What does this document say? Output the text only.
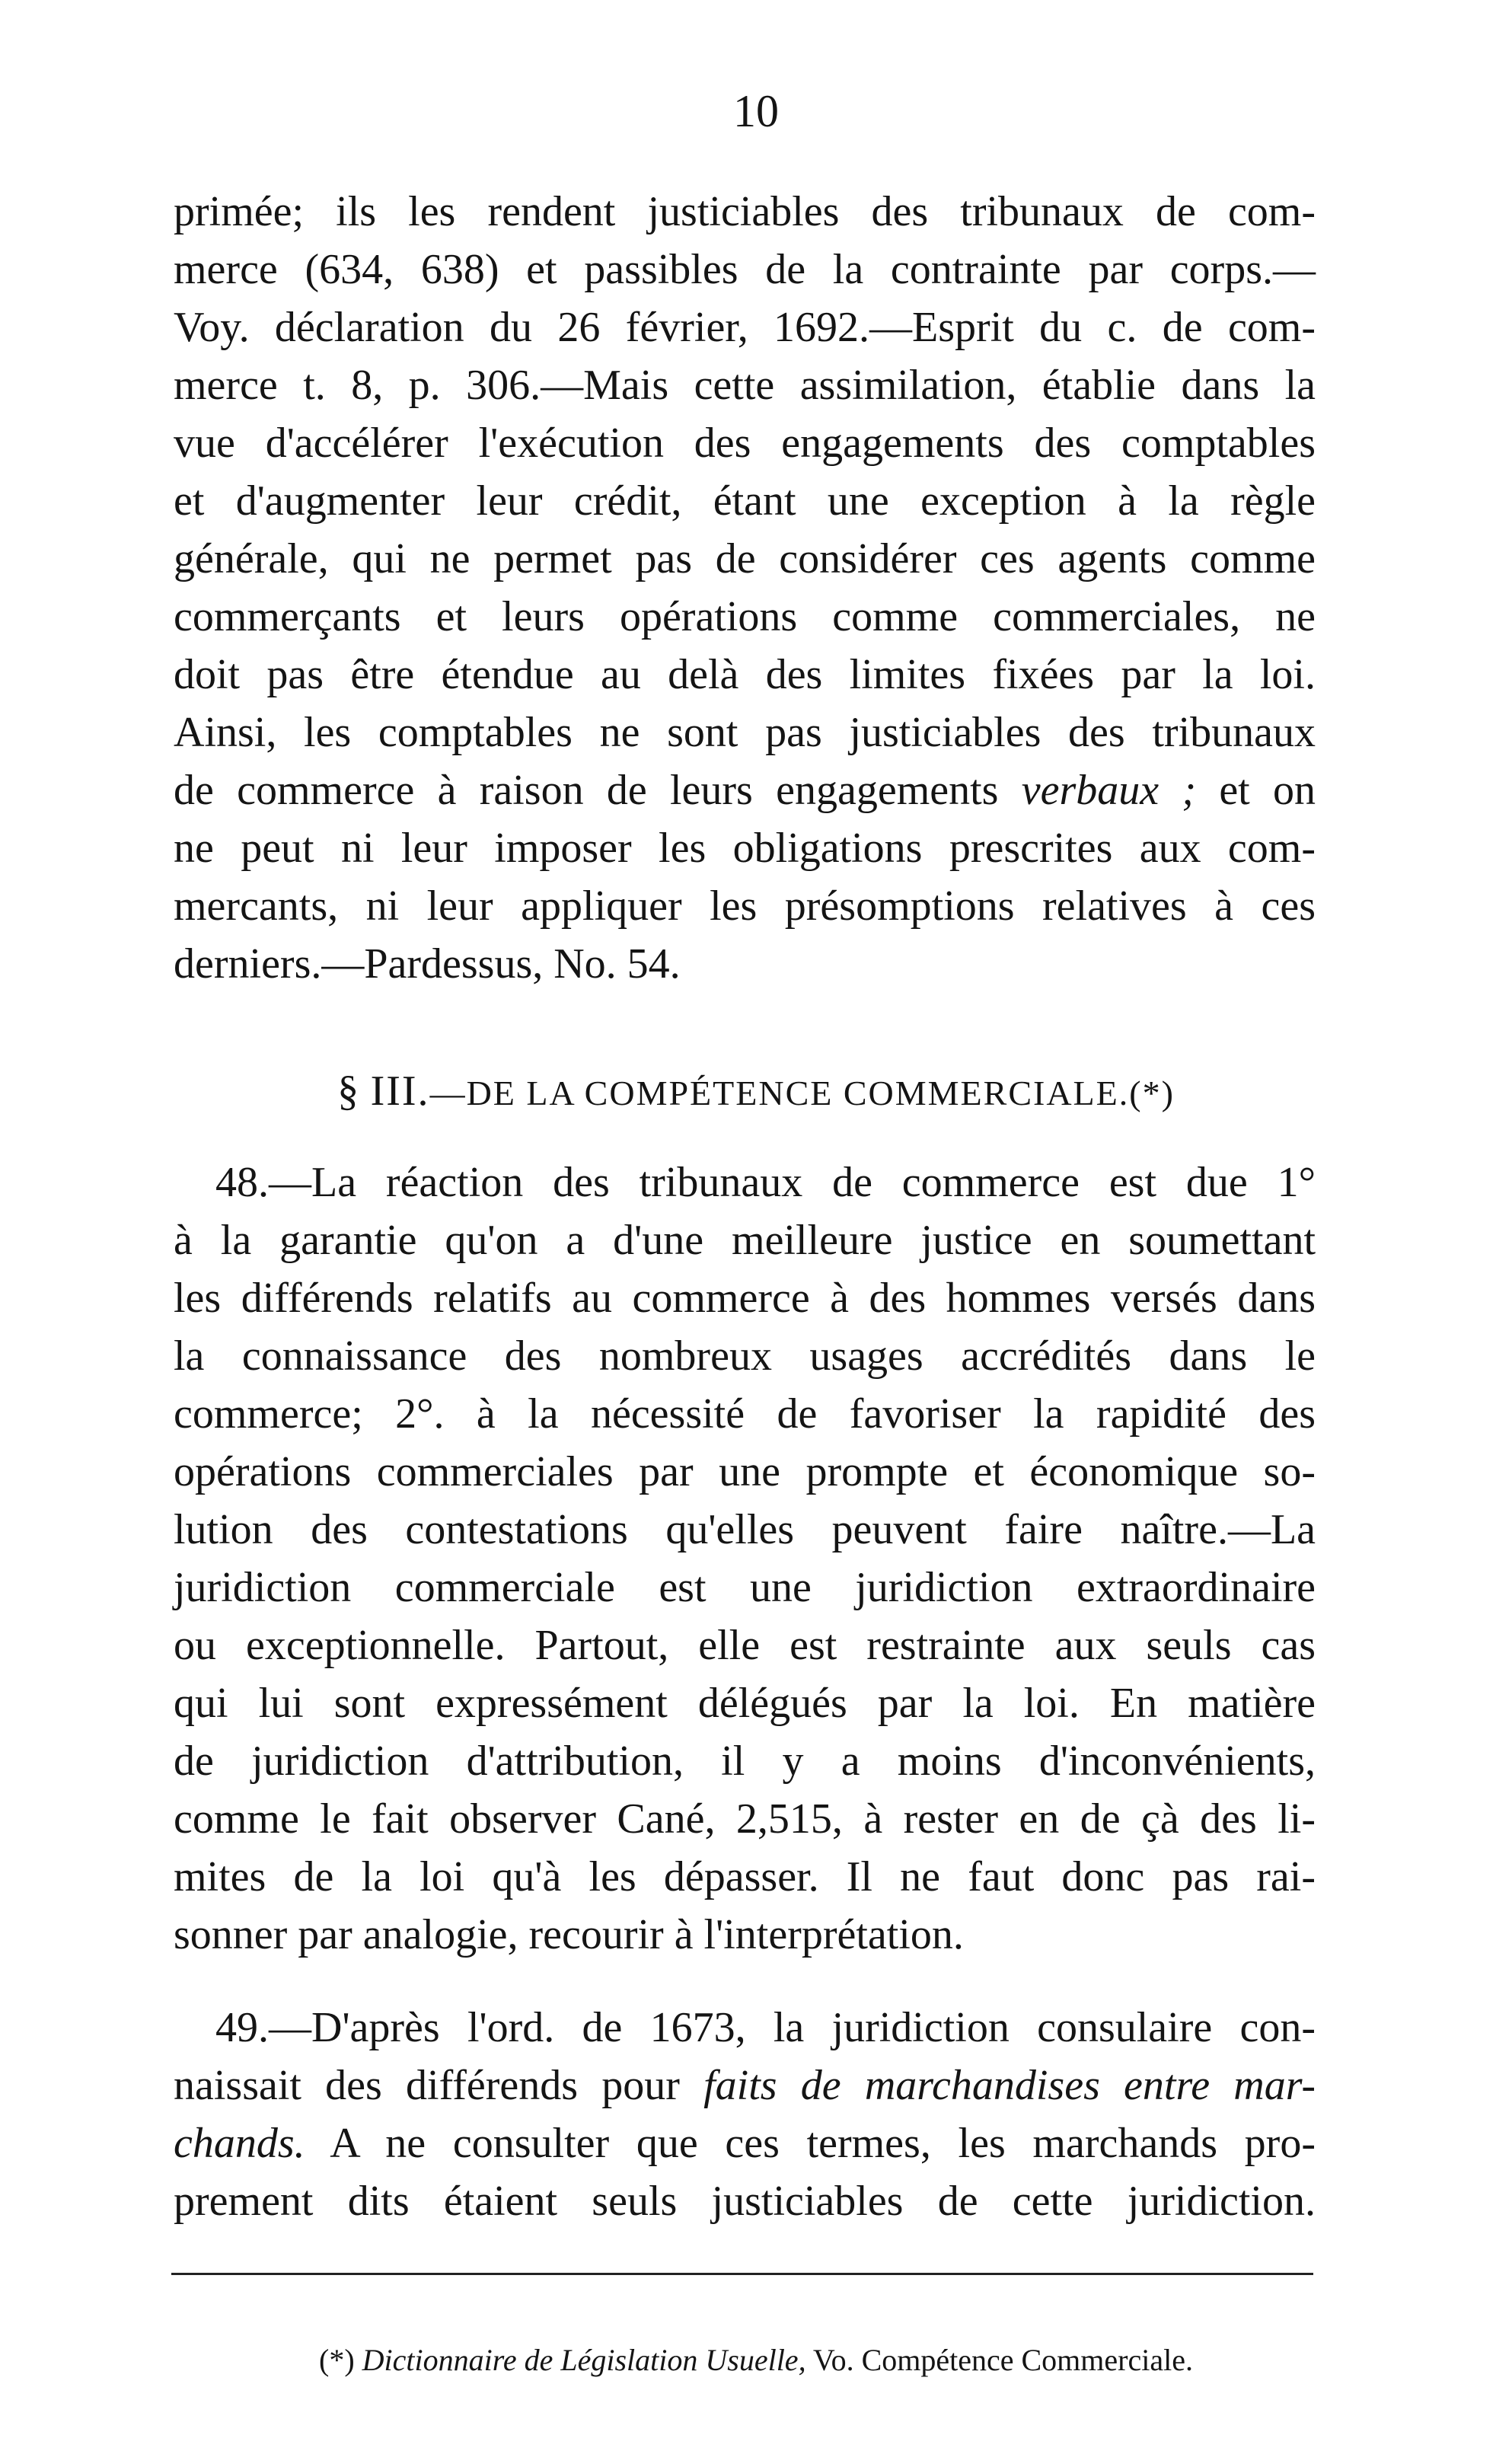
10
primée; ils les rendent justiciables des tribunaux de com-
merce (634, 638) et passibles de la contrainte par corps.—
Voy. déclaration du 26 février, 1692.—Esprit du c. de com-
merce t. 8, p. 306.—Mais cette assimilation, établie dans la
vue d'accélérer l'exécution des engagements des comptables
et d'augmenter leur crédit, étant une exception à la règle
générale, qui ne permet pas de considérer ces agents comme
commerçants et leurs opérations comme commerciales, ne
doit pas être étendue au delà des limites fixées par la loi.
Ainsi, les comptables ne sont pas justiciables des tribunaux
de commerce à raison de leurs engagements verbaux ; et on
ne peut ni leur imposer les obligations prescrites aux com-
mercants, ni leur appliquer les présomptions relatives à ces
derniers.—Pardessus, No. 54.
§ III.—DE LA COMPÉTENCE COMMERCIALE.(*)
48.—La réaction des tribunaux de commerce est due 1°
à la garantie qu'on a d'une meilleure justice en soumettant
les différends relatifs au commerce à des hommes versés dans
la connaissance des nombreux usages accrédités dans le
commerce; 2°. à la nécessité de favoriser la rapidité des
opérations commerciales par une prompte et économique so-
lution des contestations qu'elles peuvent faire naître.—La
juridiction commerciale est une juridiction extraordinaire
ou exceptionnelle. Partout, elle est restrainte aux seuls cas
qui lui sont expressément délégués par la loi. En matière
de juridiction d'attribution, il y a moins d'inconvénients,
comme le fait observer Cané, 2,515, à rester en de çà des li-
mites de la loi qu'à les dépasser. Il ne faut donc pas rai-
sonner par analogie, recourir à l'interprétation.
49.—D'après l'ord. de 1673, la juridiction consulaire con-
naissait des différends pour faits de marchandises entre mar-
chands. A ne consulter que ces termes, les marchands pro-
prement dits étaient seuls justiciables de cette juridiction.
(*) Dictionnaire de Législation Usuelle, Vo. Compétence Commerciale.
